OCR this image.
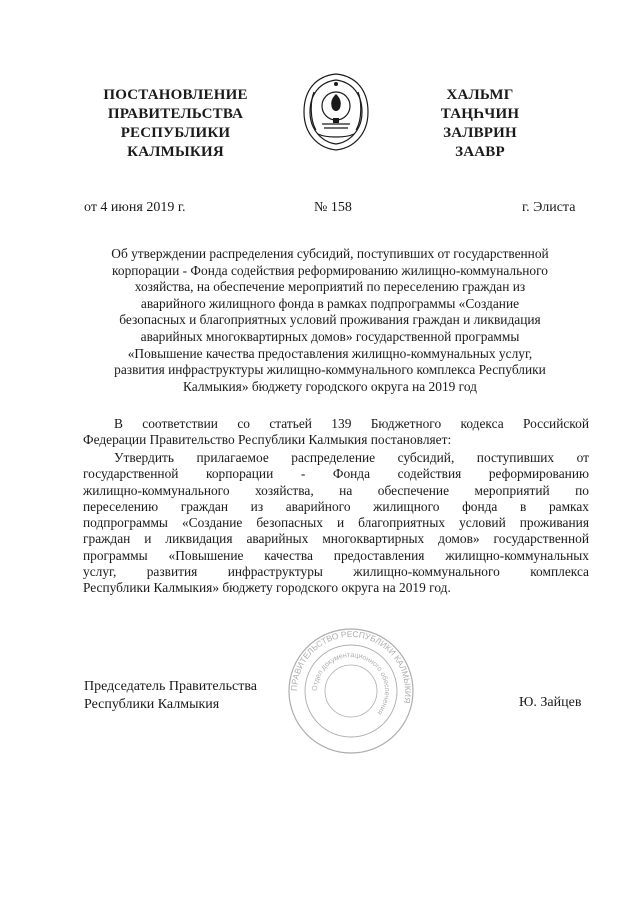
ПОСТАНОВЛЕНИЕ
ПРАВИТЕЛЬСТВА
РЕСПУБЛИКИ
КАЛМЫКИЯ
ХАЛЬМГ
ТАҢҺЧИН
ЗАЛВРИН
ЗААВР
от 4 июня 2019 г.	№ 158	г. Элиста
Об утверждении распределения субсидий, поступивших от государственной
корпорации - Фонда содействия реформированию жилищно-коммунального
хозяйства, на обеспечение мероприятий по переселению граждан из
аварийного жилищного фонда в рамках подпрограммы «Создание
безопасных и благоприятных условий проживания граждан и ликвидация
аварийных многоквартирных домов» государственной программы
«Повышение качества предоставления жилищно-коммунальных услуг,
развития инфраструктуры жилищно-коммунального комплекса Республики
Калмыкия» бюджету городского округа на 2019 год
В соответствии со статьей 139 Бюджетного кодекса Российской
Федерации Правительство Республики Калмыкия постановляет:
Утвердить прилагаемое распределение субсидий, поступивших от
государственной корпорации - Фонда содействия реформированию
жилищно-коммунального хозяйства, на обеспечение мероприятий по
переселению граждан из аварийного жилищного фонда в рамках
подпрограммы «Создание безопасных и благоприятных условий проживания
граждан и ликвидация аварийных многоквартирных домов» государственной
программы «Повышение качества предоставления жилищно-коммунальных
услуг, развития инфраструктуры жилищно-коммунального комплекса
Республики Калмыкия» бюджету городского округа на 2019 год.
ПРАВИТЕЛЬСТВО РЕСПУБЛИКИ КАЛМЫКИЯ
Отдел документационного обеспечения
Председатель Правительства
Республики Калмыкия	Ю. Зайцев
